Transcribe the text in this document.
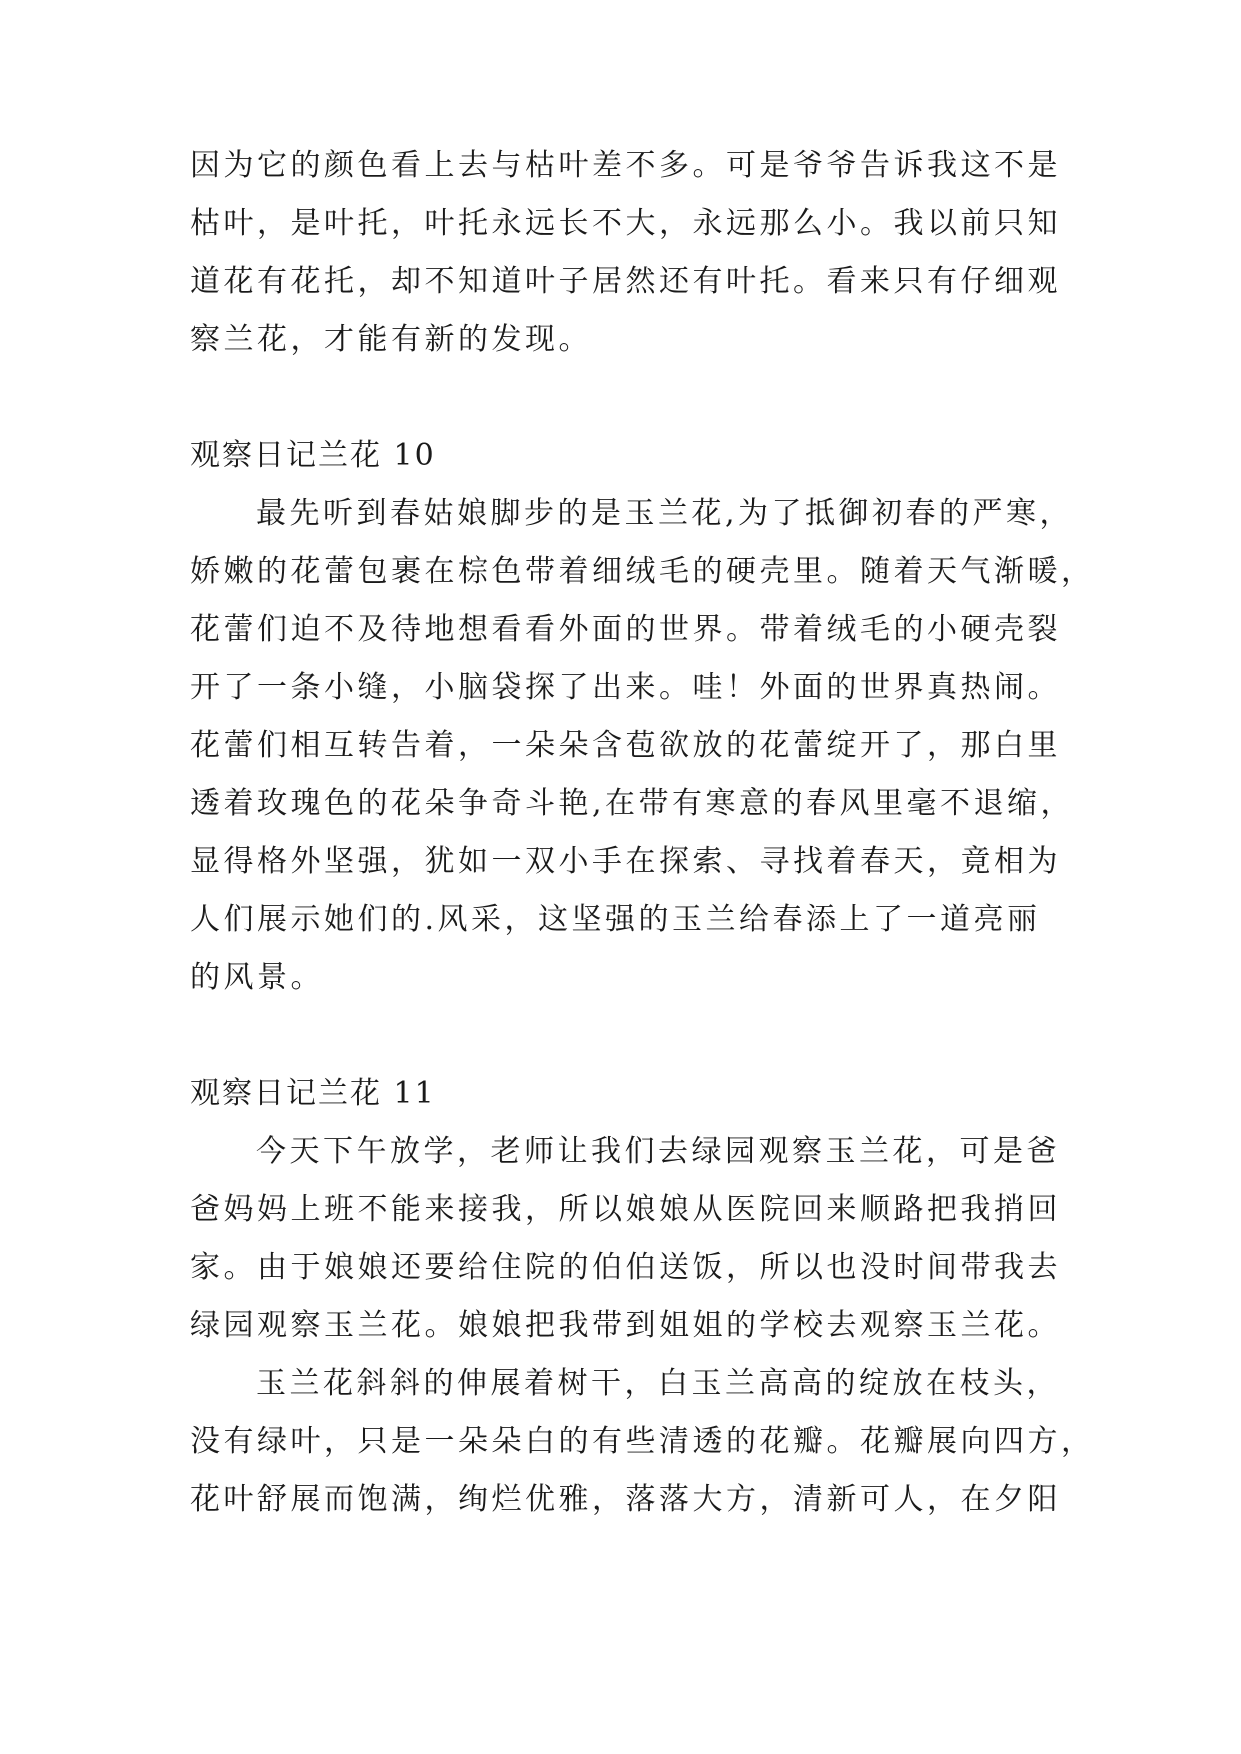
因为它的颜色看上去与枯叶差不多。可是爷爷告诉我这不是
枯叶，是叶托，叶托永远长不大，永远那么小。我以前只知
道花有花托，却不知道叶子居然还有叶托。看来只有仔细观
察兰花，才能有新的发现。
观察日记兰花 10
最先听到春姑娘脚步的是玉兰花,为了抵御初春的严寒，
娇嫩的花蕾包裹在棕色带着细绒毛的硬壳里。随着天气渐暖，
花蕾们迫不及待地想看看外面的世界。带着绒毛的小硬壳裂
开了一条小缝，小脑袋探了出来。哇！外面的世界真热闹。
花蕾们相互转告着，一朵朵含苞欲放的花蕾绽开了，那白里
透着玫瑰色的花朵争奇斗艳,在带有寒意的春风里毫不退缩，
显得格外坚强，犹如一双小手在探索、寻找着春天，竟相为
人们展示她们的.风采，这坚强的玉兰给春添上了一道亮丽
的风景。
观察日记兰花 11
今天下午放学，老师让我们去绿园观察玉兰花，可是爸
爸妈妈上班不能来接我，所以娘娘从医院回来顺路把我捎回
家。由于娘娘还要给住院的伯伯送饭，所以也没时间带我去
绿园观察玉兰花。娘娘把我带到姐姐的学校去观察玉兰花。
玉兰花斜斜的伸展着树干，白玉兰高高的绽放在枝头，
没有绿叶，只是一朵朵白的有些清透的花瓣。花瓣展向四方，
花叶舒展而饱满，绚烂优雅，落落大方，清新可人，在夕阳
